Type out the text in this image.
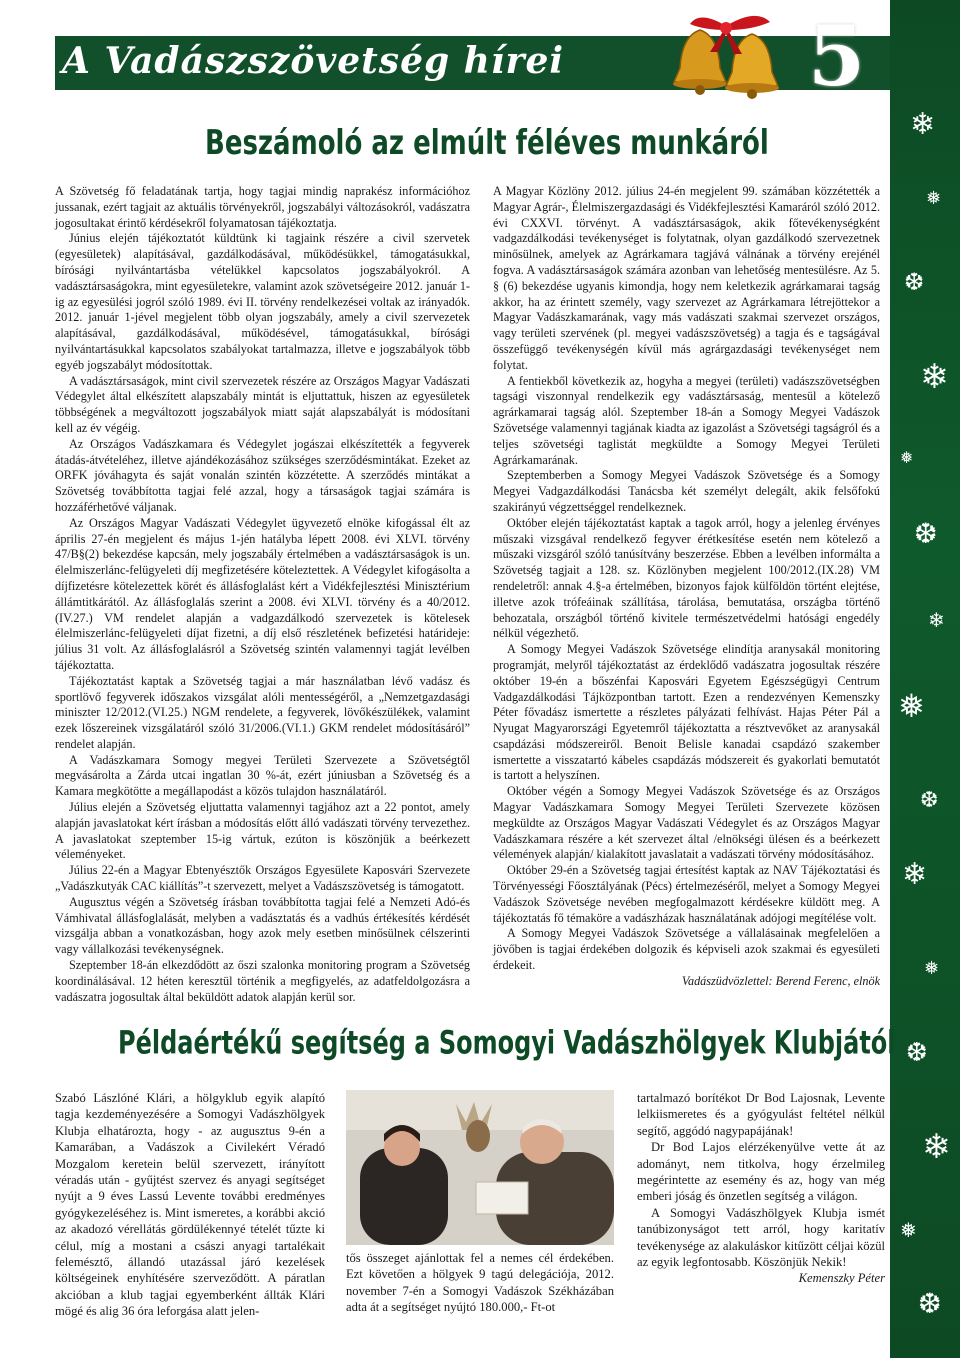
A Vadászszövetség hírei	5
❄
❅
❆
❄
❅
❆
❄
❅
❆
❄
❅
❆
❄
❅
❆
Beszámoló az elmúlt féléves munkáról

A Szövetség fő feladatának tartja, hogy tagjai mindig naprakész információhoz jussanak, ezért tagjait az aktuális törvényekről, jogszabályi változásokról, vadászatra jogosultakat érintő kérdésekről folyamatosan tájékoztatja.

Június elején tájékoztatót küldtünk ki tagjaink részére a civil szervetek (egyesületek) alapításával, gazdálkodásával, működésükkel, támogatásukkal, bírósági nyilvántartásba vételükkel kapcsolatos jogszabályokról. A vadásztársaságokra, mint egyesületekre, valamint azok szövetségeire 2012. január 1-ig az egyesülési jogról szóló 1989. évi II. törvény rendelkezései voltak az irányadók. 2012. január 1-jével megjelent több olyan jogszabály, amely a civil szervezetek alapításával, gazdálkodásával, működésével, támogatásukkal, bírósági nyilvántartásukkal kapcsolatos szabályokat tartalmazza, illetve e jogszabályok több egyéb jogszabályt módosítottak.

A vadásztársaságok, mint civil szervezetek részére az Országos Magyar Vadászati Védegylet által elkészített alapszabály mintát is eljuttattuk, hiszen az egyesületek többségének a megváltozott jogszabályok miatt saját alapszabályát is módosítani kell az év végéig.

Az Országos Vadászkamara és Védegylet jogászai elkészítették a fegyverek átadás-átvételéhez, illetve ajándékozásához szükséges szerződésmintákat. Ezeket az ORFK jóváhagyta és saját vonalán szintén közzétette. A szerződés mintákat a Szövetség továbbította tagjai felé azzal, hogy a társaságok tagjai számára is hozzáférhetővé váljanak.

Az Országos Magyar Vadászati Védegylet ügyvezető elnöke kifogással élt az április 27-én megjelent és május 1-jén hatályba lépett 2008. évi XLVI. törvény 47/B§(2) bekezdése kapcsán, mely jogszabály értelmében a vadásztársaságok is un. élelmiszerlánc-felügyeleti díj megfizetésére köteleztettek. A Védegylet kifogásolta a díjfizetésre kötelezettek körét és állásfoglalást kért a Vidékfejlesztési Minisztérium állámtitkárától. Az állásfoglalás szerint a 2008. évi XLVI. törvény és a 40/2012. (IV.27.) VM rendelet alapján a vadgazdálkodó szervezetek is kötelesek élelmiszerlánc-felügyeleti díjat fizetni, a díj első részletének befizetési határideje: július 31 volt. Az állásfoglalásról a Szövetség szintén valamennyi tagját levélben tájékoztatta.

Tájékoztatást kaptak a Szövetség tagjai a már használatban lévő vadász és sportlövő fegyverek időszakos vizsgálat alóli mentességéről, a „Nemzetgazdasági miniszter 12/2012.(VI.25.) NGM rendelete, a fegyverek, lövőkészülékek, valamint ezek lőszereinek vizsgálatáról szóló 31/2006.(VI.1.) GKM rendelet módosításáról” rendelet alapján.

A Vadászkamara Somogy megyei Területi Szervezete a Szövetségtől megvásárolta a Zárda utcai ingatlan 30 %-át, ezért júniusban a Szövetség és a Kamara megkötötte a megállapodást a közös tulajdon használatáról.

Július elején a Szövetség eljuttatta valamennyi tagjához azt a 22 pontot, amely alapján javaslatokat kért írásban a módosítás előtt álló vadászati törvény tervezethez. A javaslatokat szeptember 15-ig vártuk, ezúton is köszönjük a beérkezett véleményeket.

Július 22-én a Magyar Ebtenyésztők Országos Egyesülete Kaposvári Szervezete „Vadászkutyák CAC kiállítás”-t szervezett, melyet a Vadászszövetség is támogatott.

Augusztus végén a Szövetség írásban továbbította tagjai felé a Nemzeti Adó-és Vámhivatal állásfoglalását, melyben a vadásztatás és a vadhús értékesítés kérdését vizsgálja abban a vonatkozásban, hogy azok mely esetben minősülnek célszerinti vagy vállalkozási tevékenységnek.

Szeptember 18-án elkezdődött az őszi szalonka monitoring program a Szövetség koordinálásával. 12 héten keresztül történik a megfigyelés, az adatfeldolgozásra a vadászatra jogosultak által beküldött adatok alapján kerül sor.

A Magyar Közlöny 2012. július 24-én megjelent 99. számában közzétették a Magyar Agrár-, Élelmiszergazdasági és Vidékfejlesztési Kamaráról szóló 2012. évi CXXVI. törvényt. A vadásztársaságok, akik főtevékenységként vadgazdálkodási tevékenységet is folytatnak, olyan gazdálkodó szervezetnek minősülnek, amelyek az Agrárkamara tagjává válnának a törvény erejénél fogva. A vadásztársaságok számára azonban van lehetőség mentesülésre. Az 5. § (6) bekezdése ugyanis kimondja, hogy nem keletkezik agrárkamarai tagság akkor, ha az érintett személy, vagy szervezet az Agrárkamara létrejöttekor a Magyar Vadászkamarának, vagy más vadászati szakmai szervezet országos, vagy területi szervének (pl. megyei vadászszövetség) a tagja és e tagságával összefüggő tevékenységén kívül más agrárgazdasági tevékenységet nem folytat.

A fentiekből következik az, hogyha a megyei (területi) vadászszövetségben tagsági viszonnyal rendelkezik egy vadásztársaság, mentesül a kötelező agrárkamarai tagság alól. Szeptember 18-án a Somogy Megyei Vadászok Szövetsége valamennyi tagjának kiadta az igazolást a Szövetségi tagságról és a teljes szövetségi taglistát megküldte a Somogy Megyei Területi Agrárkamarának.

Szeptemberben a Somogy Megyei Vadászok Szövetsége és a Somogy Megyei Vadgazdálkodási Tanácsba két személyt delegált, akik felsőfokú szakirányú végzettséggel rendelkeznek.

Október elején tájékoztatást kaptak a tagok arról, hogy a jelenleg érvényes műszaki vizsgával rendelkező fegyver érétkesítése esetén nem kötelező a műszaki vizsgáról szóló tanúsítvány beszerzése. Ebben a levélben informálta a Szövetség tagjait a 128. sz. Közlönyben megjelent 100/2012.(IX.28) VM rendeletről: annak 4.§-a értelmében, bizonyos fajok külföldön történt elejtése, illetve azok trófeáinak szállítása, tárolása, bemutatása, országba történő behozatala, országból történő kivitele természetvédelmi hatósági engedély nélkül végezhető.

A Somogy Megyei Vadászok Szövetsége elindítja aranysakál monitoring programját, melyről tájékoztatást az érdeklődő vadászatra jogosultak részére október 19-én a bőszénfai Kaposvári Egyetem Egészségügyi Centrum Vadgazdálkodási Tájközpontban tartott. Ezen a rendezvényen Kemenszky Péter fővadász ismertette a részletes pályázati felhívást. Hajas Péter Pál a Nyugat Magyarországi Egyetemről tájékoztatta a résztvevőket az aranysakál csapdázási módszereiről. Benoit Belisle kanadai csapdázó szakember ismertette a visszatartó kábeles csapdázás módszereit és gyakorlati bemutatót is tartott a helyszínen.

Október végén a Somogy Megyei Vadászok Szövetsége és az Országos Magyar Vadászkamara Somogy Megyei Területi Szervezete közösen megküldte az Országos Magyar Vadászati Védegylet és az Országos Magyar Vadászkamara részére a két szervezet által /elnökségi ülésen és a beérkezett vélemények alapján/ kialakított javaslatait a vadászati törvény módosításához.

Október 29-én a Szövetség tagjai értesítést kaptak az NAV Tájékoztatási és Törvényességi Főosztályának (Pécs) értelmezéséről, melyet a Somogy Megyei Vadászok Szövetsége nevében megfogalmazott kérdésekre küldött meg. A tájékoztatás fő témaköre a vadászházak használatának adójogi megítélése volt.

A Somogy Megyei Vadászok Szövetsége a vállalásainak megfelelően a jövőben is tagjai érdekében dolgozik és képviseli azok szakmai és egyesületi érdekeit.

Vadászüdvözlettel: Berend Ferenc, elnök

Példaértékű segítség a Somogyi Vadászhölgyek Klubjától

Szabó Lászlóné Klári, a hölgyklub egyik alapító tagja kezdeményezésére a Somogyi Vadászhölgyek Klubja elhatározta, hogy - az augusztus 9-én a Kamarában, a Vadászok a Civilekért Véradó Mozgalom keretein belül szervezett, irányított véradás után - gyűjtést szervez és anyagi segítséget nyújt a 9 éves Lassú Levente további eredményes gyógykezeléséhez is. Mint ismeretes, a korábbi akció az akadozó vérellátás gördülékennyé tételét tűzte ki célul, míg a mostani a császi anyagi tartalékait felemésztő, állandó utazással járó kezelések költségeinek enyhítésére szerveződött. A páratlan akcióban a klub tagjai egyemberként állták Klári mögé és alig 36 óra leforgása alatt jelen-

tős összeget ajánlottak fel a nemes cél érdekében. Ezt követően a hölgyek 9 tagú delegációja, 2012. november 7-én a Somogyi Vadászok Székházában adta át a segítséget nyújtó 180.000,- Ft-ot

tartalmazó borítékot Dr Bod Lajosnak, Levente lelkiismeretes és a gyógyulást feltétel nélkül segítő, aggódó nagypapájának!

Dr Bod Lajos elérzékenyülve vette át az adományt, nem titkolva, hogy érzelmileg megérintette az esemény és az, hogy van még emberi jóság és önzetlen segítség a világon.

A Somogyi Vadászhölgyek Klubja ismét tanúbizonyságot tett arról, hogy karitatív tevékenysége az alakuláskor kitűzött céljai közül az egyik legfontosabb. Köszönjük Nekik!

Kemenszky Péter
